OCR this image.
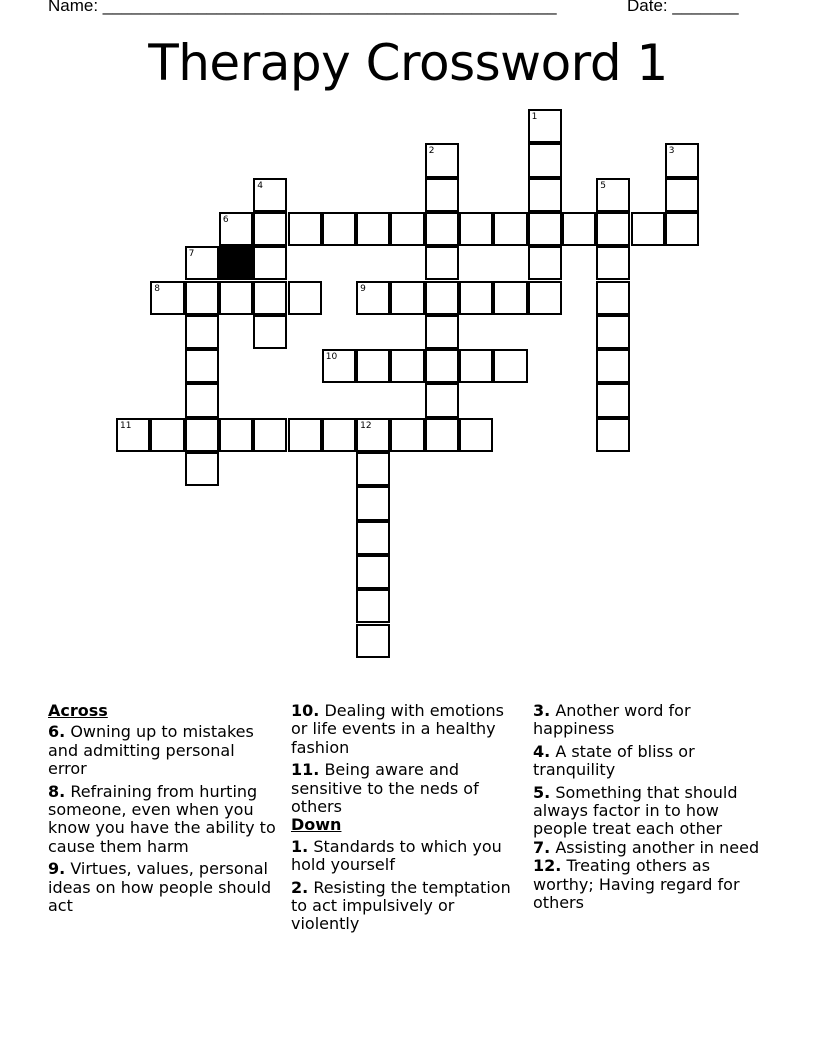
Name: ________________________________________________	Date: _______
Therapy Crossword 1
1
2	3
4	5
6
7
8	9
10
11	12
Across
6. Owning up to mistakes and admitting personal error
8. Refraining from hurting someone, even when you know you have the ability to cause them harm
9. Virtues, values, personal ideas on how people should act
10. Dealing with emotions or life events in a healthy fashion
11. Being aware and sensitive to the neds of others
Down
1. Standards to which you hold yourself
2. Resisting the temptation to act impulsively or violently
3. Another word for happiness
4. A state of bliss or tranquility
5. Something that should always factor in to how people treat each other
7. Assisting another in need
12. Treating others as worthy; Having regard for others
